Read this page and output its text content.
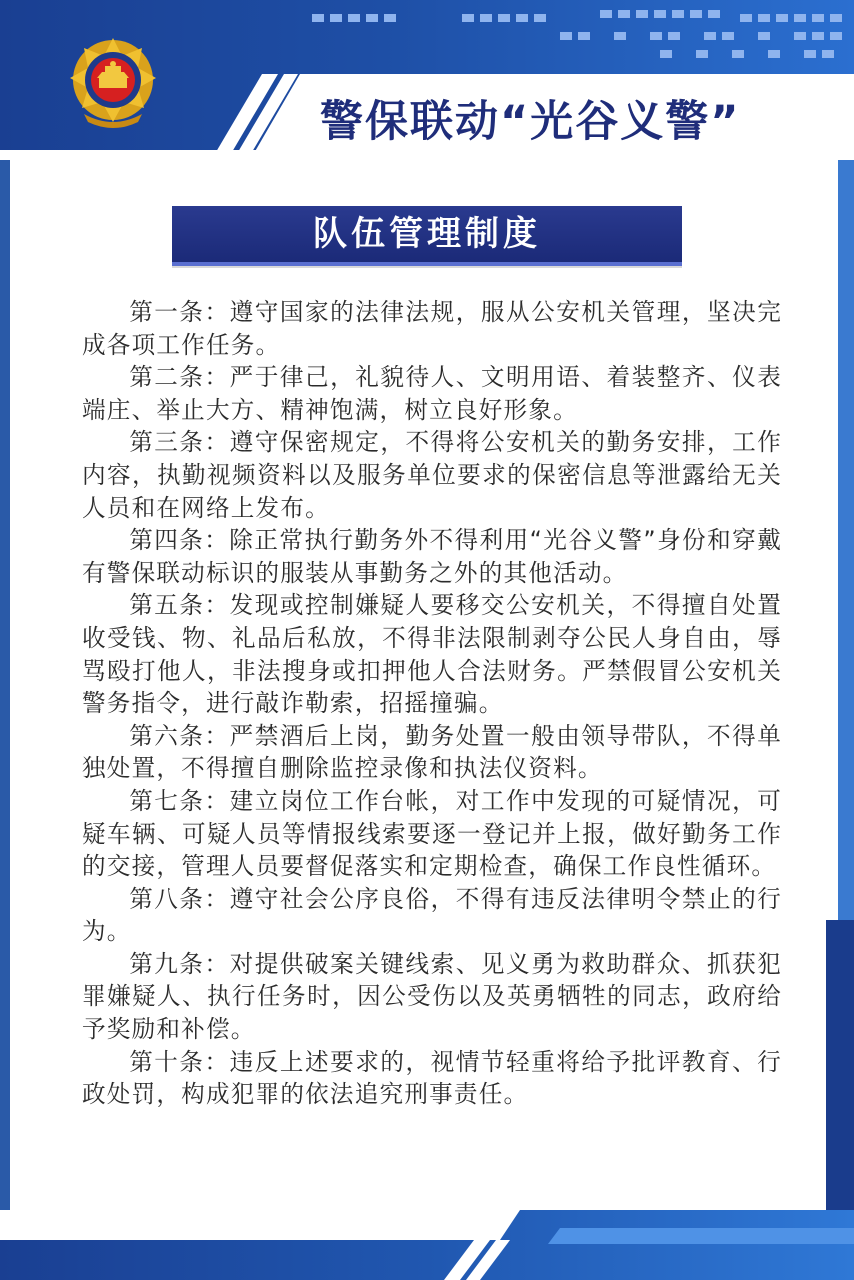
警保联动“光谷义警”
队伍管理制度

第一条：遵守国家的法律法规，服从公安机关管理，坚决完成各项工作任务。

第二条：严于律己，礼貌待人、文明用语、着装整齐、仪表端庄、举止大方、精神饱满，树立良好形象。

第三条：遵守保密规定，不得将公安机关的勤务安排，工作内容，执勤视频资料以及服务单位要求的保密信息等泄露给无关人员和在网络上发布。

第四条：除正常执行勤务外不得利用“光谷义警”身份和穿戴有警保联动标识的服装从事勤务之外的其他活动。

第五条：发现或控制嫌疑人要移交公安机关，不得擅自处置收受钱、物、礼品后私放，不得非法限制剥夺公民人身自由，辱骂殴打他人，非法搜身或扣押他人合法财务。严禁假冒公安机关警务指令，进行敲诈勒索，招摇撞骗。

第六条：严禁酒后上岗，勤务处置一般由领导带队，不得单独处置，不得擅自删除监控录像和执法仪资料。

第七条：建立岗位工作台帐，对工作中发现的可疑情况，可疑车辆、可疑人员等情报线索要逐一登记并上报，做好勤务工作的交接，管理人员要督促落实和定期检查，确保工作良性循环。

第八条：遵守社会公序良俗，不得有违反法律明令禁止的行为。

第九条：对提供破案关键线索、见义勇为救助群众、抓获犯罪嫌疑人、执行任务时，因公受伤以及英勇牺牲的同志，政府给予奖励和补偿。

第十条：违反上述要求的，视情节轻重将给予批评教育、行政处罚，构成犯罪的依法追究刑事责任。
